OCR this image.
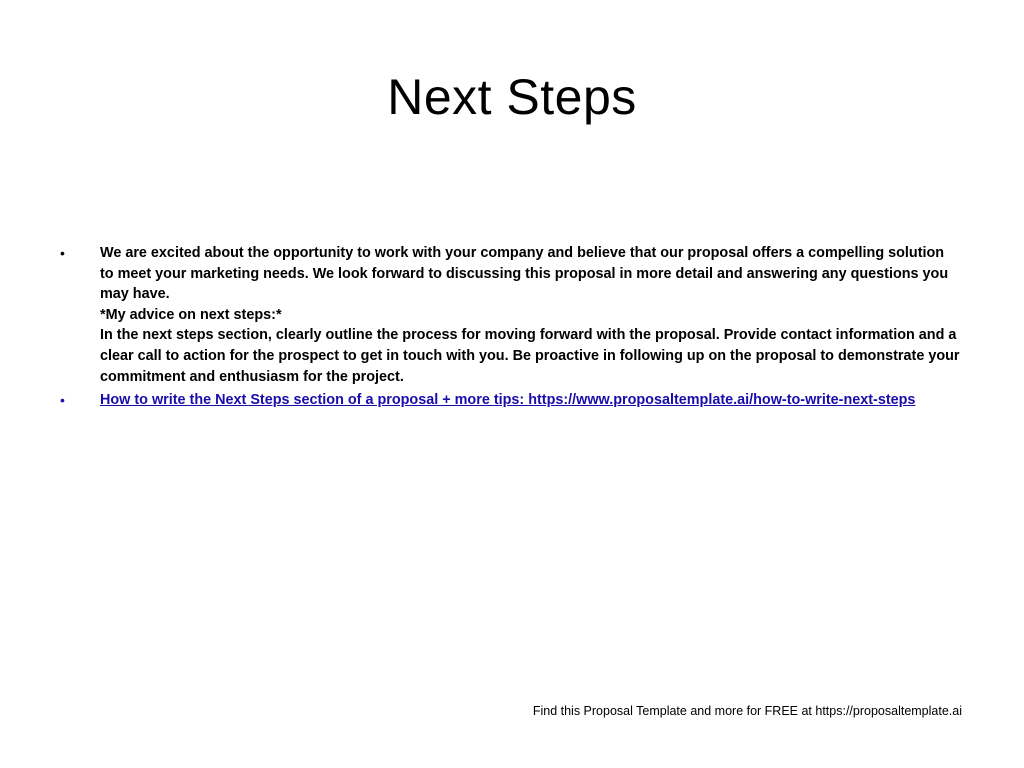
Next Steps
• We are excited about the opportunity to work with your company and believe that our proposal offers a compelling solution to meet your marketing needs. We look forward to discussing this proposal in more detail and answering any questions you may have.
*My advice on next steps:*
In the next steps section, clearly outline the process for moving forward with the proposal. Provide contact information and a clear call to action for the prospect to get in touch with you. Be proactive in following up on the proposal to demonstrate your commitment and enthusiasm for the project.
• How to write the Next Steps section of a proposal + more tips: https://www.proposaltemplate.ai/how-to-write-next-steps
Find this Proposal Template and more for FREE at https://proposaltemplate.ai
